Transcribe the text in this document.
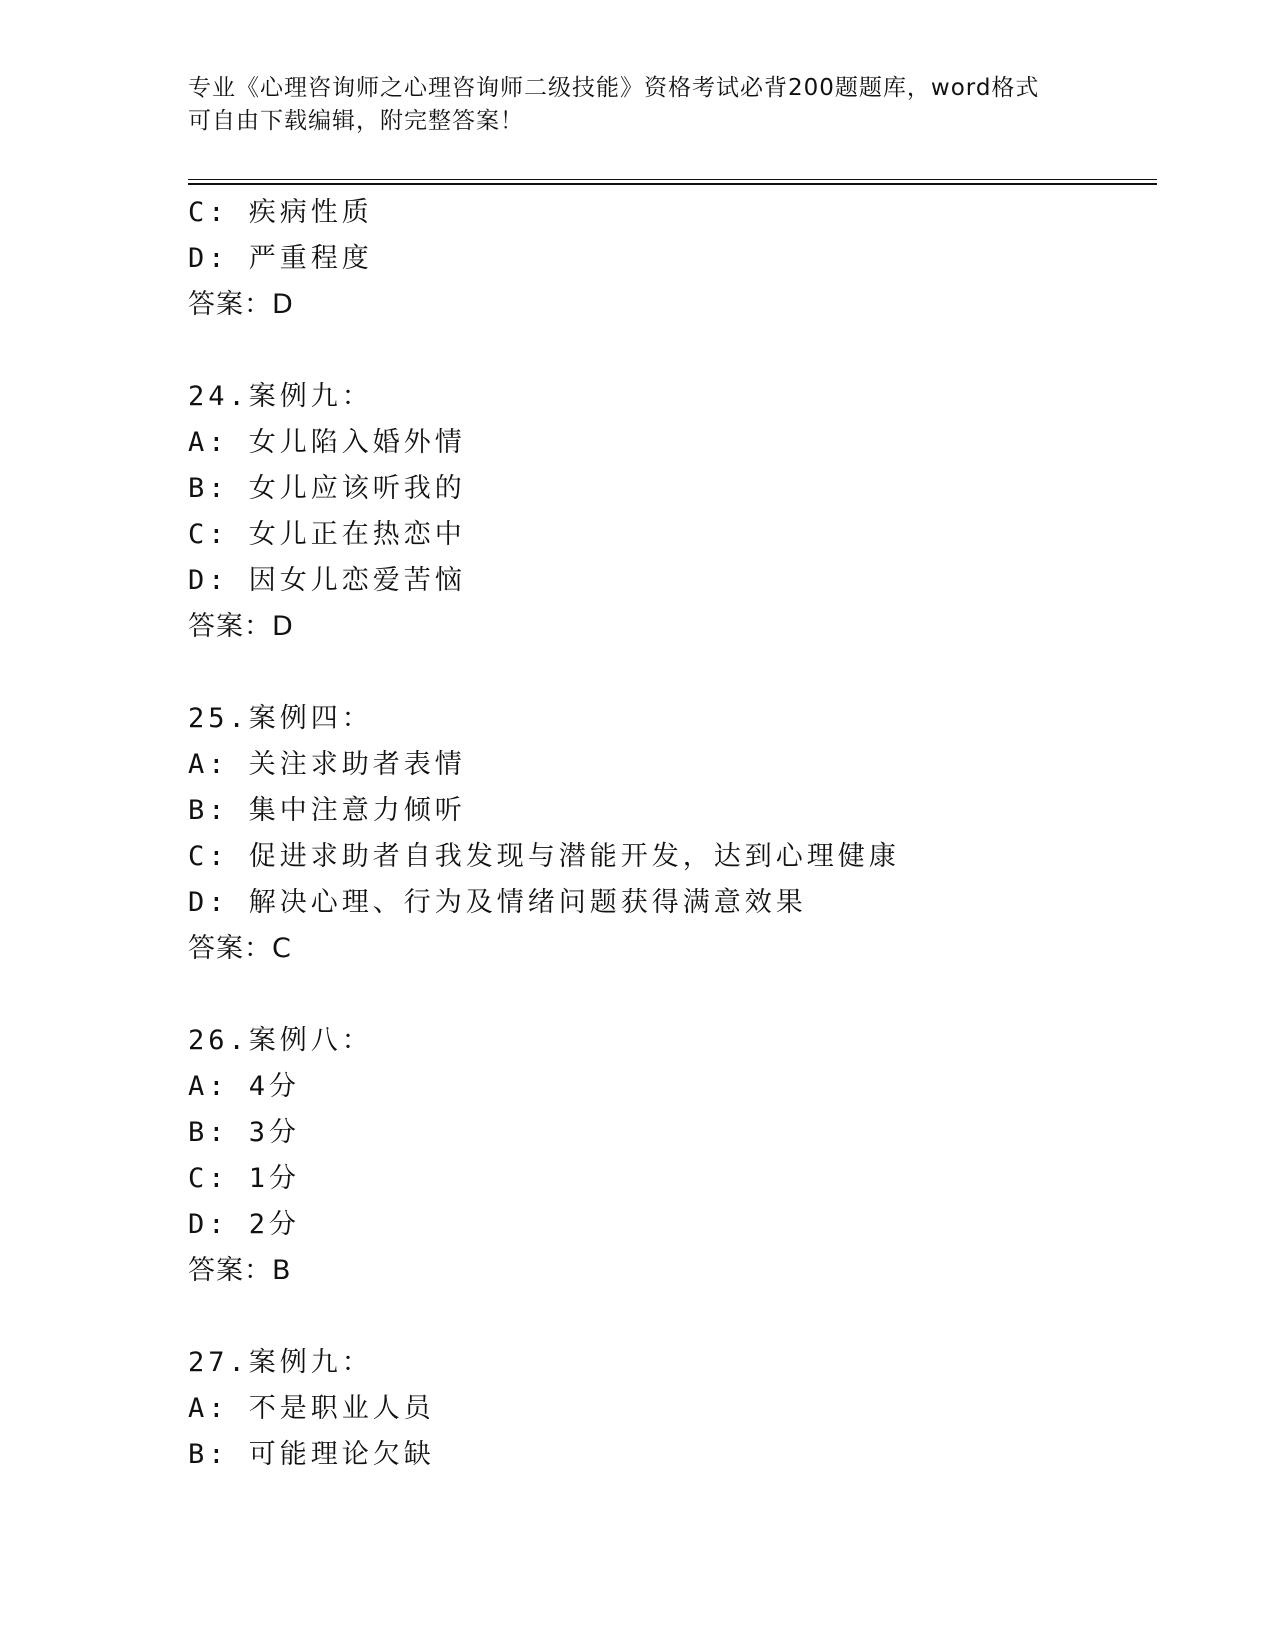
专业《心理咨询师之心理咨询师二级技能》资格考试必背200题题库，word格式
可自由下载编辑，附完整答案！
C: 疾病性质
D: 严重程度
答案：D
24.案例九：
A: 女儿陷入婚外情
B: 女儿应该听我的
C: 女儿正在热恋中
D: 因女儿恋爱苦恼
答案：D
25.案例四：
A: 关注求助者表情
B: 集中注意力倾听
C: 促进求助者自我发现与潜能开发，达到心理健康
D: 解决心理、行为及情绪问题获得满意效果
答案：C
26.案例八：
A: 4分
B: 3分
C: 1分
D: 2分
答案：B
27.案例九：
A: 不是职业人员
B: 可能理论欠缺
